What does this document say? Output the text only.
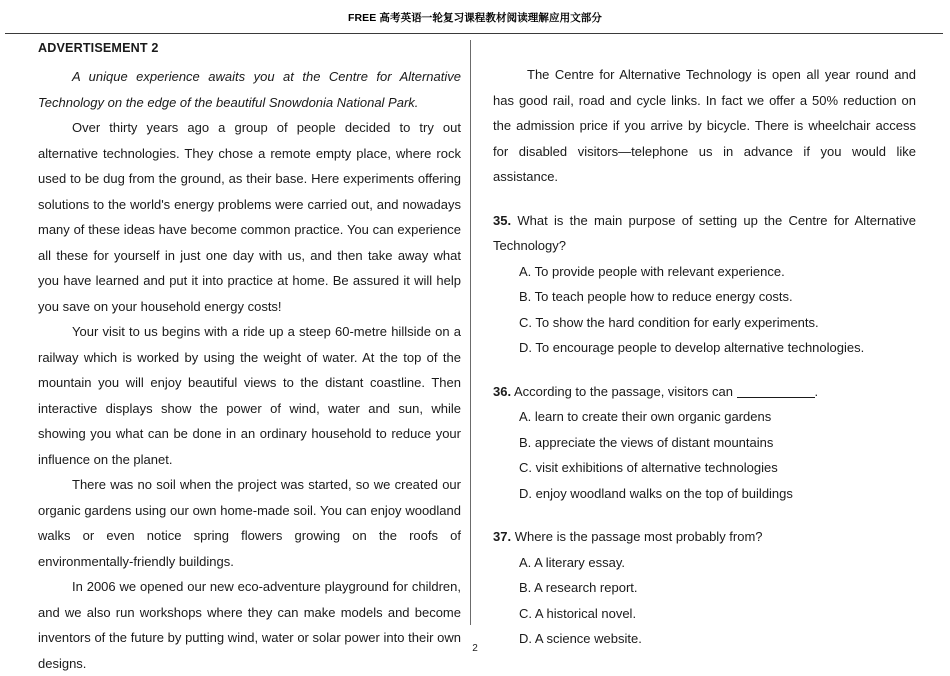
FREE 高考英语一轮复习课程教材阅读理解应用文部分
ADVERTISEMENT 2

A unique experience awaits you at the Centre for Alternative Technology on the edge of the beautiful Snowdonia National Park.

Over thirty years ago a group of people decided to try out alternative technologies. They chose a remote empty place, where rock used to be dug from the ground, as their base. Here experiments offering solutions to the world's energy problems were carried out, and nowadays many of these ideas have become common practice. You can experience all these for yourself in just one day with us, and then take away what you have learned and put it into practice at home. Be assured it will help you save on your household energy costs!

Your visit to us begins with a ride up a steep 60-metre hillside on a railway which is worked by using the weight of water. At the top of the mountain you will enjoy beautiful views to the distant coastline. Then interactive displays show the power of wind, water and sun, while showing you what can be done in an ordinary household to reduce your influence on the planet.

There was no soil when the project was started, so we created our organic gardens using our own home-made soil. You can enjoy woodland walks or even notice spring flowers growing on the roofs of environmentally-friendly buildings.

In 2006 we opened our new eco-adventure playground for children, and we also run workshops where they can make models and become inventors of the future by putting wind, water or solar power into their own designs.

The Centre for Alternative Technology is open all year round and has good rail, road and cycle links. In fact we offer a 50% reduction on the admission price if you arrive by bicycle. There is wheelchair access for disabled visitors—telephone us in advance if you would like assistance.

35. What is the main purpose of setting up the Centre for Alternative Technology?

A. To provide people with relevant experience.

B. To teach people how to reduce energy costs.

C. To show the hard condition for early experiments.

D. To encourage people to develop alternative technologies.

36. According to the passage, visitors can	.

A. learn to create their own organic gardens

B. appreciate the views of distant mountains

C. visit exhibitions of alternative technologies

D. enjoy woodland walks on the top of buildings

37. Where is the passage most probably from?

A. A literary essay.

B. A research report.

C. A historical novel.

D. A science website.

2
